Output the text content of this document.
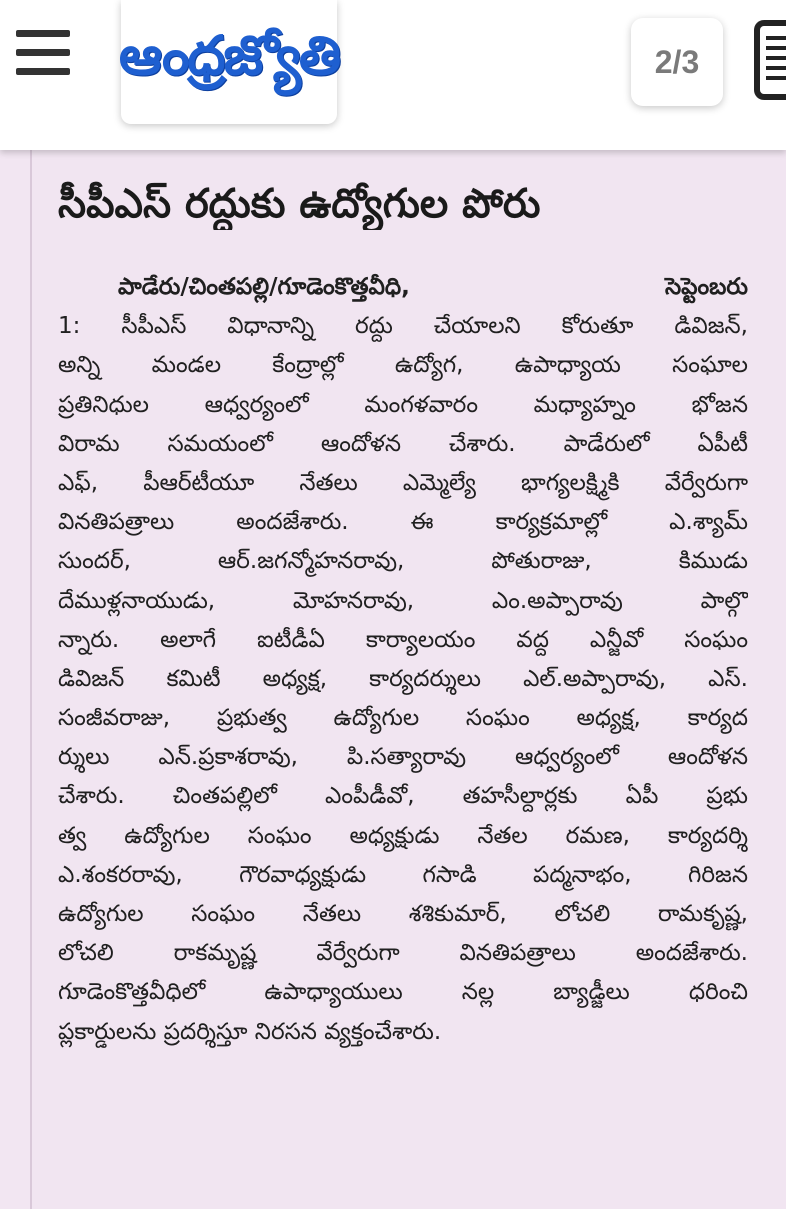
ఆంధ్రజ్యోతి	2/3
సీపీఎస్ రద్దుకు ఉద్యోగుల పోరు
పాడేరు/చింతపల్లి/గూడెంకొత్తవీధి, సెప్టెంబరు
1: సీపీఎస్ విధానాన్ని రద్దు చేయాలని కోరుతూ డివిజన్,
అన్ని మండల కేంద్రాల్లో ఉద్యోగ, ఉపాధ్యాయ సంఘాల
ప్రతినిధుల ఆధ్వర్యంలో మంగళవారం మధ్యాహ్నం భోజన
విరామ సమయంలో ఆందోళన చేశారు. పాడేరులో ఏపీటీ
ఎఫ్, పీఆర్‌టీయూ నేతలు ఎమ్మెల్యే భాగ్యలక్ష్మికి వేర్వేరుగా
వినతిపత్రాలు అందజేశారు. ఈ కార్యక్రమాల్లో ఎ.శ్యామ్
సుందర్, ఆర్.జగన్మోహనరావు, పోతురాజు, కిముడు
దేముళ్లనాయుడు, మోహనరావు, ఎం.అప్పారావు పాల్గొ
న్నారు. అలాగే ఐటీడీఏ కార్యాలయం వద్ద ఎన్జీవో సంఘం
డివిజన్ కమిటీ అధ్యక్ష, కార్యదర్శులు ఎల్.అప్పారావు, ఎస్.
సంజీవరాజు, ప్రభుత్వ ఉద్యోగుల సంఘం అధ్యక్ష, కార్యద
ర్శులు ఎన్.ప్రకాశరావు, పి.సత్యారావు ఆధ్వర్యంలో ఆందోళన
చేశారు. చింతపల్లిలో ఎంపీడీవో, తహసీల్దార్లకు ఏపీ ప్రభు
త్వ ఉద్యోగుల సంఘం అధ్యక్షుడు నేతల రమణ, కార్యదర్శి
ఎ.శంకరరావు, గౌరవాధ్యక్షుడు గసాడి పద్మనాభం, గిరిజన
ఉద్యోగుల సంఘం నేతలు శశికుమార్, లోచలి రామకృష్ణ,
లోచలి రాకమృష్ణ వేర్వేరుగా వినతిపత్రాలు అందజేశారు.
గూడెంకొత్తవీధిలో ఉపాధ్యాయులు నల్ల బ్యాడ్జీలు ధరించి
ప్లకార్డులను ప్రదర్శిస్తూ నిరసన వ్యక్తంచేశారు.
